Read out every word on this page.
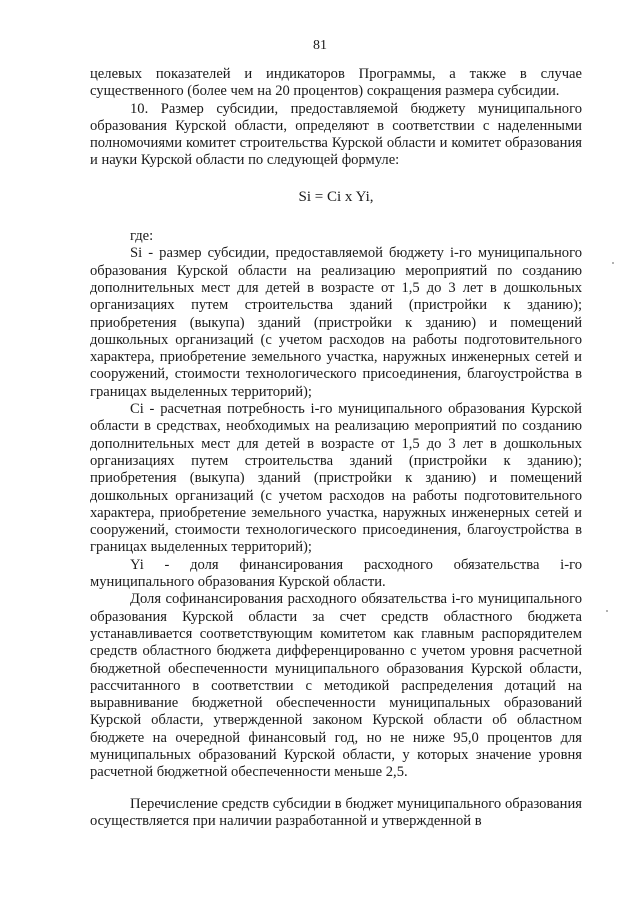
81

целевых показателей и индикаторов Программы, а также в случае существенного (более чем на 20 процентов) сокращения размера субсидии.

10. Размер субсидии, предоставляемой бюджету муниципального образования Курской области, определяют в соответствии с наделенными полномочиями комитет строительства Курской области и комитет образования и науки Курской области по следующей формуле:

Si = Ci x Yi,

где:

Si - размер субсидии, предоставляемой бюджету i-го муниципального образования Курской области на реализацию мероприятий по созданию дополнительных мест для детей в возрасте от 1,5 до 3 лет в дошкольных организациях путем строительства зданий (пристройки к зданию); приобретения (выкупа) зданий (пристройки к зданию) и помещений дошкольных организаций (с учетом расходов на работы подготовительного характера, приобретение земельного участка, наружных инженерных сетей и сооружений, стоимости технологического присоединения, благоустройства в границах выделенных территорий);

Ci - расчетная потребность i-го муниципального образования Курской области в средствах, необходимых на реализацию мероприятий по созданию дополнительных мест для детей в возрасте от 1,5 до 3 лет в дошкольных организациях путем строительства зданий (пристройки к зданию); приобретения (выкупа) зданий (пристройки к зданию) и помещений дошкольных организаций (с учетом расходов на работы подготовительного характера, приобретение земельного участка, наружных инженерных сетей и сооружений, стоимости технологического присоединения, благоустройства в границах выделенных территорий);

Yi - доля финансирования расходного обязательства i-го муниципального образования Курской области.

Доля софинансирования расходного обязательства i-го муниципального образования Курской области за счет средств областного бюджета устанавливается соответствующим комитетом как главным распорядителем средств областного бюджета дифференцированно с учетом уровня расчетной бюджетной обеспеченности муниципального образования Курской области, рассчитанного в соответствии с методикой распределения дотаций на выравнивание бюджетной обеспеченности муниципальных образований Курской области, утвержденной законом Курской области об областном бюджете на очередной финансовый год, но не ниже 95,0 процентов для муниципальных образований Курской области, у которых значение уровня расчетной бюджетной обеспеченности меньше 2,5.

Перечисление средств субсидии в бюджет муниципального образования осуществляется при наличии разработанной и утвержденной в
